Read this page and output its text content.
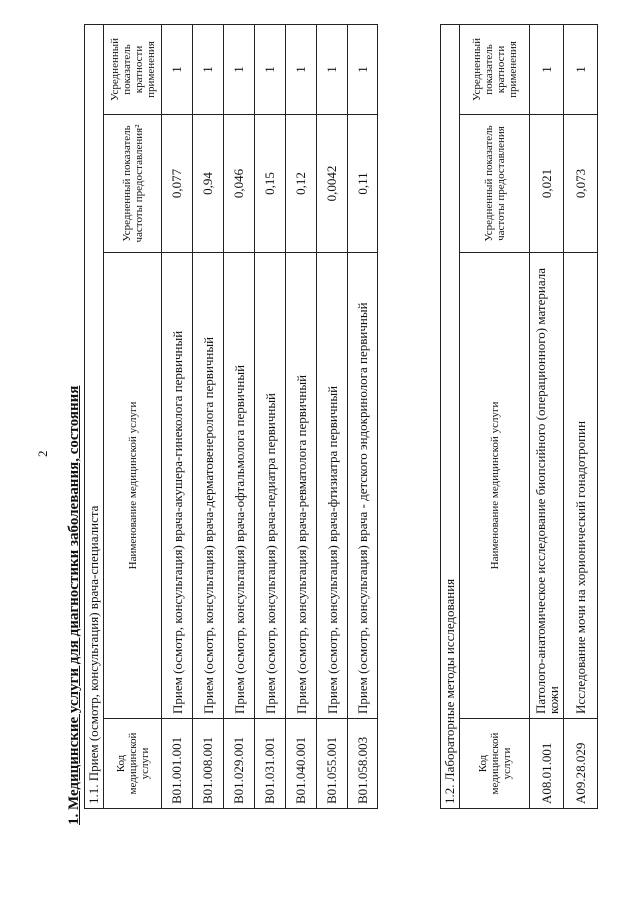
2 1. Медицинские услуги для диагностики заболевания, состояния 1.1. Прием (осмотр, консультация) врача-специалиста			
Код медицинской услуги	Наименование медицинской услуги	Усредненный показатель частоты предоставления²	Усредненный показатель кратности применения
B01.001.001	Прием (осмотр, консультация) врача-акушера-гинеколога первичный	0,077	1
B01.008.001	Прием (осмотр, консультация) врача-дерматовенеролога первичный	0,94	1
B01.029.001	Прием (осмотр, консультация) врача-офтальмолога первичный	0,046	1
B01.031.001	Прием (осмотр, консультация) врача-педиатра первичный	0,15	1
B01.040.001	Прием (осмотр, консультация) врача-ревматолога первичный	0,12	1
B01.055.001	Прием (осмотр, консультация) врача-фтизиатра первичный	0,0042	1
B01.058.003	Прием (осмотр, консультация) врача - детского эндокринолога первичный	0,11	1
1.2. Лабораторные методы исследования			
Код медицинской услуги	Наименование медицинской услуги	Усредненный показатель частоты предоставления	Усредненный показатель кратности применения
A08.01.001	Патолого-анатомическое исследование биопсийного (операционного) материала кожи	0,021	1
A09.28.029	Исследование мочи на хорионический гонадотропин	0,073	1
